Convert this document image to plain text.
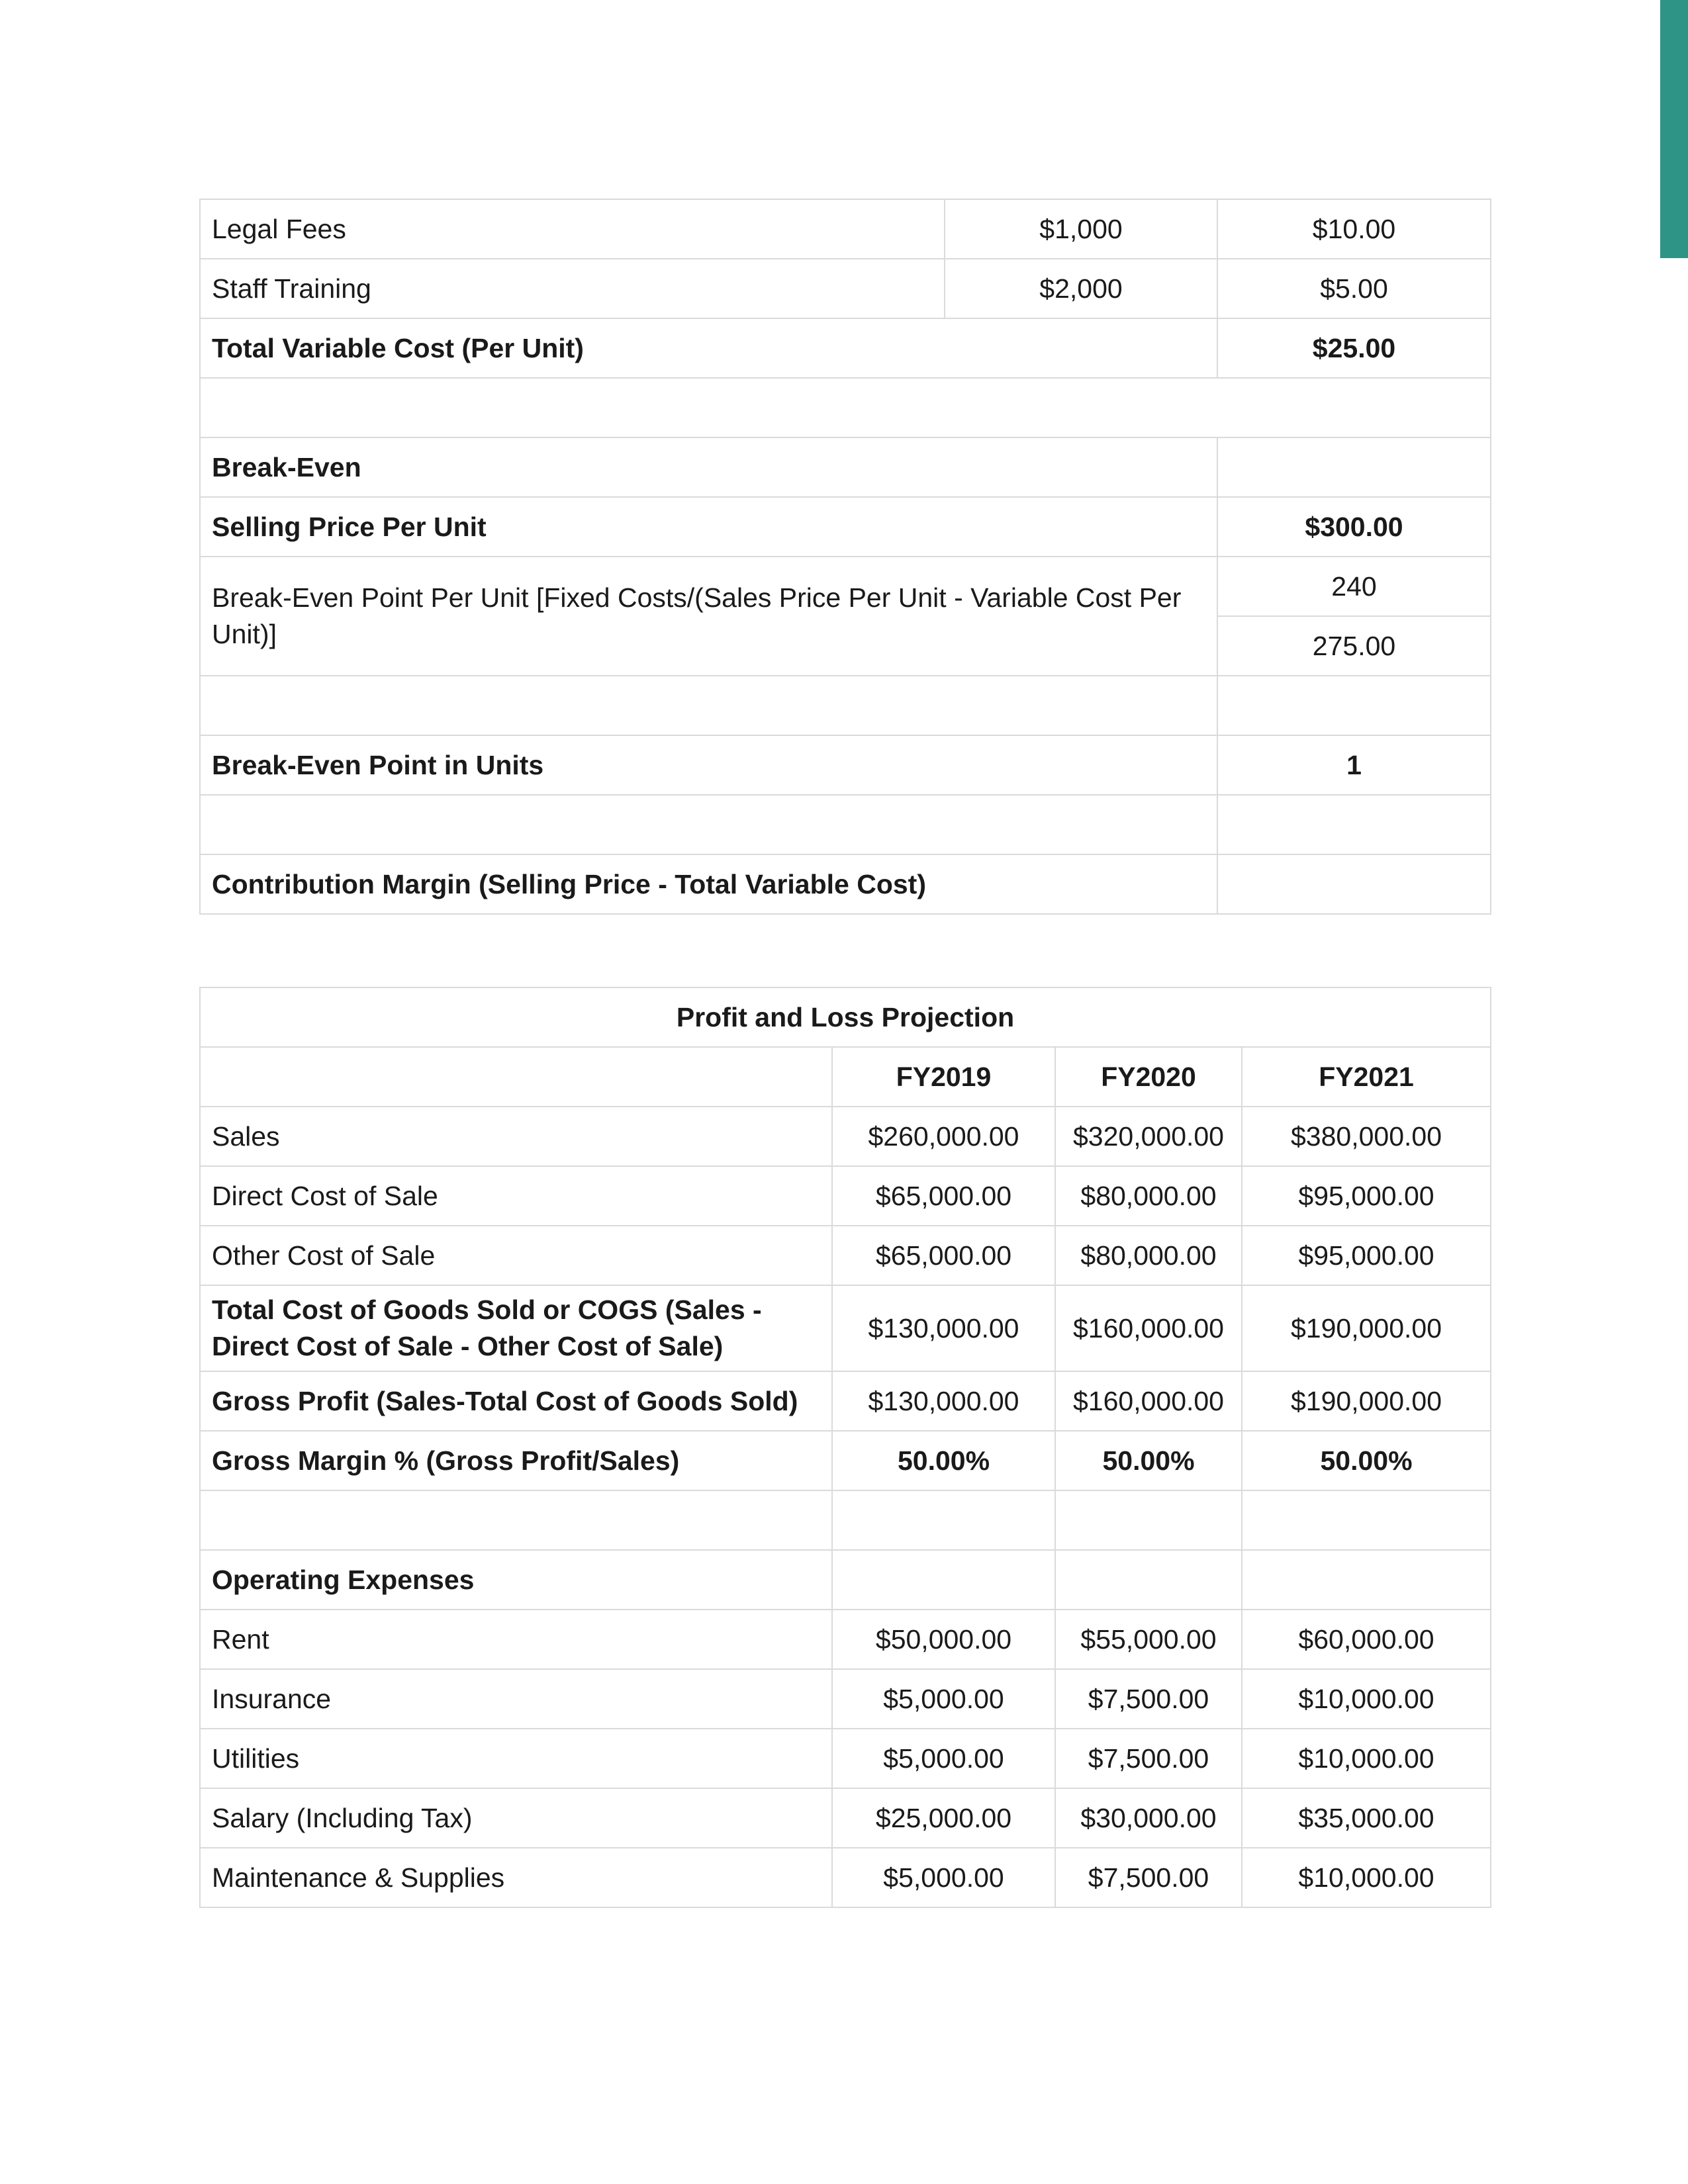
Legal Fees	$1,000	$10.00
Staff Training	$2,000	$5.00
Total Variable Cost (Per Unit)		$25.00

Break-Even		
Selling Price Per Unit		$300.00
Break-Even Point Per Unit [Fixed Costs/(Sales Price Per Unit - Variable Cost Per Unit)]		240
		275.00

Break-Even Point in Units		1

Contribution Margin (Selling Price - Total Variable Cost)		
Profit and Loss Projection			
	FY2019	FY2020	FY2021
Sales	$260,000.00	$320,000.00	$380,000.00
Direct Cost of Sale	$65,000.00	$80,000.00	$95,000.00
Other Cost of Sale	$65,000.00	$80,000.00	$95,000.00
Total Cost of Goods Sold or COGS (Sales - Direct Cost of Sale - Other Cost of Sale)	$130,000.00	$160,000.00	$190,000.00
Gross Profit (Sales-Total Cost of Goods Sold)	$130,000.00	$160,000.00	$190,000.00
Gross Margin % (Gross Profit/Sales)	50.00%	50.00%	50.00%

Operating Expenses			
Rent	$50,000.00	$55,000.00	$60,000.00
Insurance	$5,000.00	$7,500.00	$10,000.00
Utilities	$5,000.00	$7,500.00	$10,000.00
Salary (Including Tax)	$25,000.00	$30,000.00	$35,000.00
Maintenance & Supplies	$5,000.00	$7,500.00	$10,000.00
